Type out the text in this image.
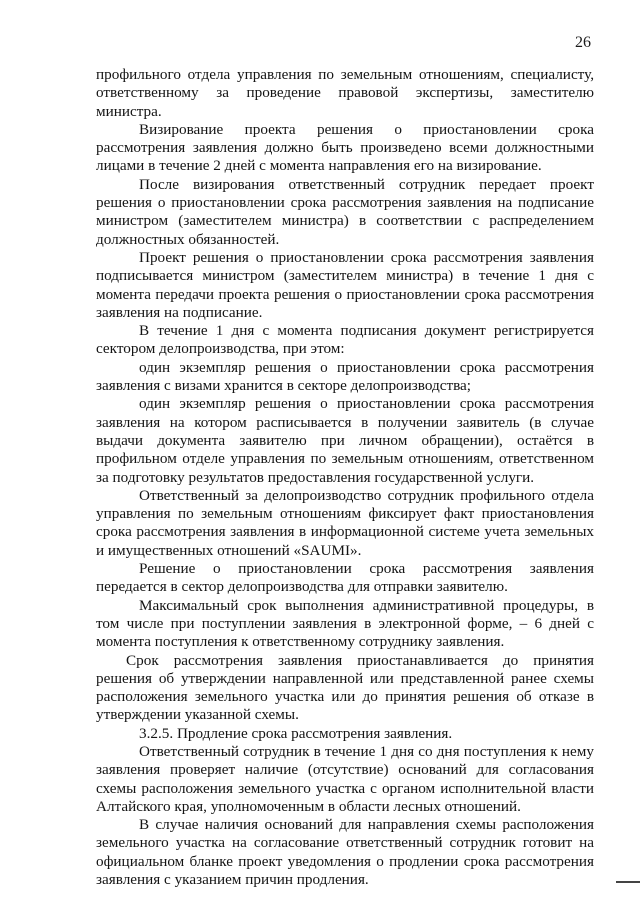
26

профильного отдела управления по земельным отношениям, специалисту, ответственному за проведение правовой экспертизы, заместителю министра.

Визирование проекта решения о приостановлении срока рассмотрения заявления должно быть произведено всеми должностными лицами в течение 2 дней с момента направления его на визирование.

После визирования ответственный сотрудник передает проект решения о приостановлении срока рассмотрения заявления на подписание министром (заместителем министра) в соответствии с распределением должностных обязанностей.

Проект решения о приостановлении срока рассмотрения заявления подписывается министром (заместителем министра) в течение 1 дня с момента передачи проекта решения о приостановлении срока рассмотрения заявления на подписание.

В течение 1 дня с момента подписания документ регистрируется сектором делопроизводства, при этом:

один экземпляр решения о приостановлении срока рассмотрения заявления с визами хранится в секторе делопроизводства;

один экземпляр решения о приостановлении срока рассмотрения заявления на котором расписывается в получении заявитель (в случае выдачи документа заявителю при личном обращении), остаётся в профильном отделе управления по земельным отношениям, ответственном за подготовку результатов предоставления государственной услуги.

Ответственный за делопроизводство сотрудник профильного отдела управления по земельным отношениям фиксирует факт приостановления срока рассмотрения заявления в информационной системе учета земельных и имущественных отношений «SAUMI».

Решение о приостановлении срока рассмотрения заявления передается в сектор делопроизводства для отправки заявителю.

Максимальный срок выполнения административной процедуры, в том числе при поступлении заявления в электронной форме, – 6 дней с момента поступления к ответственному сотруднику заявления.

Срок рассмотрения заявления приостанавливается до принятия решения об утверждении направленной или представленной ранее схемы расположения земельного участка или до принятия решения об отказе в утверждении указанной схемы.

3.2.5. Продление срока рассмотрения заявления.

Ответственный сотрудник в течение 1 дня со дня поступления к нему заявления проверяет наличие (отсутствие) оснований для согласования схемы расположения земельного участка с органом исполнительной власти Алтайского края, уполномоченным в области лесных отношений.

В случае наличия оснований для направления схемы расположения земельного участка на согласование ответственный сотрудник готовит на официальном бланке проект уведомления о продлении срока рассмотрения заявления с указанием причин продления.
